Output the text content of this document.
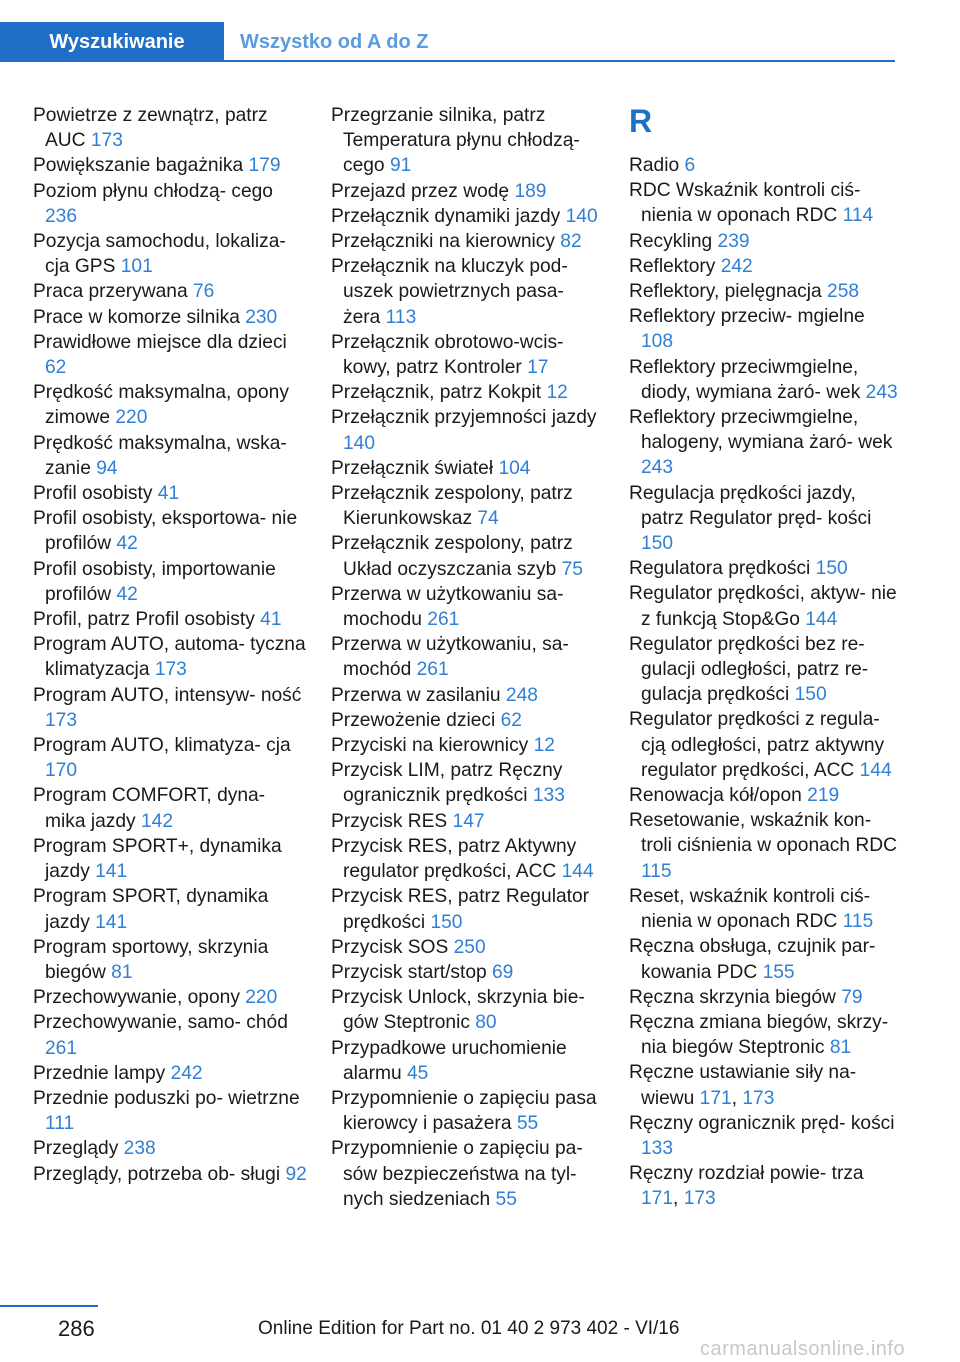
Wyszukiwanie	Wszystko od A do Z

Powietrze z zewnątrz, patrz AUC 173

Powiększanie bagażnika 179

Poziom płynu chłodzą‐ cego 236

Pozycja samochodu, lokaliza‐ cja GPS 101

Praca przerywana 76

Prace w komorze silnika 230

Prawidłowe miejsce dla dzieci 62

Prędkość maksymalna, opony zimowe 220

Prędkość maksymalna, wska‐ zanie 94

Profil osobisty 41

Profil osobisty, eksportowa‐ nie profilów 42

Profil osobisty, importowanie profilów 42

Profil, patrz Profil osobisty 41

Program AUTO, automa‐ tyczna klimatyzacja 173

Program AUTO, intensyw‐ ność 173

Program AUTO, klimatyza‐ cja 170

Program COMFORT, dyna‐ mika jazdy 142

Program SPORT+, dynamika jazdy 141

Program SPORT, dynamika jazdy 141

Program sportowy, skrzynia biegów 81

Przechowywanie, opony 220

Przechowywanie, samo‐ chód 261

Przednie lampy 242

Przednie poduszki po‐ wietrzne 111

Przeglądy 238

Przeglądy, potrzeba ob‐ sługi 92

Przegrzanie silnika, patrz Temperatura płynu chłodzą‐ cego 91

Przejazd przez wodę 189

Przełącznik dynamiki jazdy 140

Przełączniki na kierownicy 82

Przełącznik na kluczyk pod‐ uszek powietrznych pasa‐ żera 113

Przełącznik obrotowo-wcis‐ kowy, patrz Kontroler 17

Przełącznik, patrz Kokpit 12

Przełącznik przyjemności jazdy 140

Przełącznik świateł 104

Przełącznik zespolony, patrz Kierunkowskaz 74

Przełącznik zespolony, patrz Układ oczyszczania szyb 75

Przerwa w użytkowaniu sa‐ mochodu 261

Przerwa w użytkowaniu, sa‐ mochód 261

Przerwa w zasilaniu 248

Przewożenie dzieci 62

Przyciski na kierownicy 12

Przycisk LIM, patrz Ręczny ogranicznik prędkości 133

Przycisk RES 147

Przycisk RES, patrz Aktywny regulator prędkości, ACC 144

Przycisk RES, patrz Regulator prędkości 150

Przycisk SOS 250

Przycisk start/stop 69

Przycisk Unlock, skrzynia bie‐ gów Steptronic 80

Przypadkowe uruchomienie alarmu 45

Przypomnienie o zapięciu pasa kierowcy i pasażera 55

Przypomnienie o zapięciu pa‐ sów bezpieczeństwa na tyl‐ nych siedzeniach 55

R

Radio 6

RDC Wskaźnik kontroli ciś‐ nienia w oponach RDC 114

Recykling 239

Reflektory 242

Reflektory, pielęgnacja 258

Reflektory przeciw‐ mgielne 108

Reflektory przeciwmgielne, diody, wymiana żaró‐ wek 243

Reflektory przeciwmgielne, halogeny, wymiana żaró‐ wek 243

Regulacja prędkości jazdy, patrz Regulator pręd‐ kości 150

Regulatora prędkości 150

Regulator prędkości, aktyw‐ nie z funkcją Stop&Go 144

Regulator prędkości bez re‐ gulacji odległości, patrz re‐ gulacja prędkości 150

Regulator prędkości z regula‐ cją odległości, patrz aktywny regulator prędkości, ACC 144

Renowacja kół/opon 219

Resetowanie, wskaźnik kon‐ troli ciśnienia w oponach RDC 115

Reset, wskaźnik kontroli ciś‐ nienia w oponach RDC 115

Ręczna obsługa, czujnik par‐ kowania PDC 155

Ręczna skrzynia biegów 79

Ręczna zmiana biegów, skrzy‐ nia biegów Steptronic 81

Ręczne ustawianie siły na‐ wiewu 171, 173

Ręczny ogranicznik pręd‐ kości 133

Ręczny rozdział powie‐ trza 171, 173

286	Online Edition for Part no. 01 40 2 973 402 - VI/16
carmanualsonline.info
